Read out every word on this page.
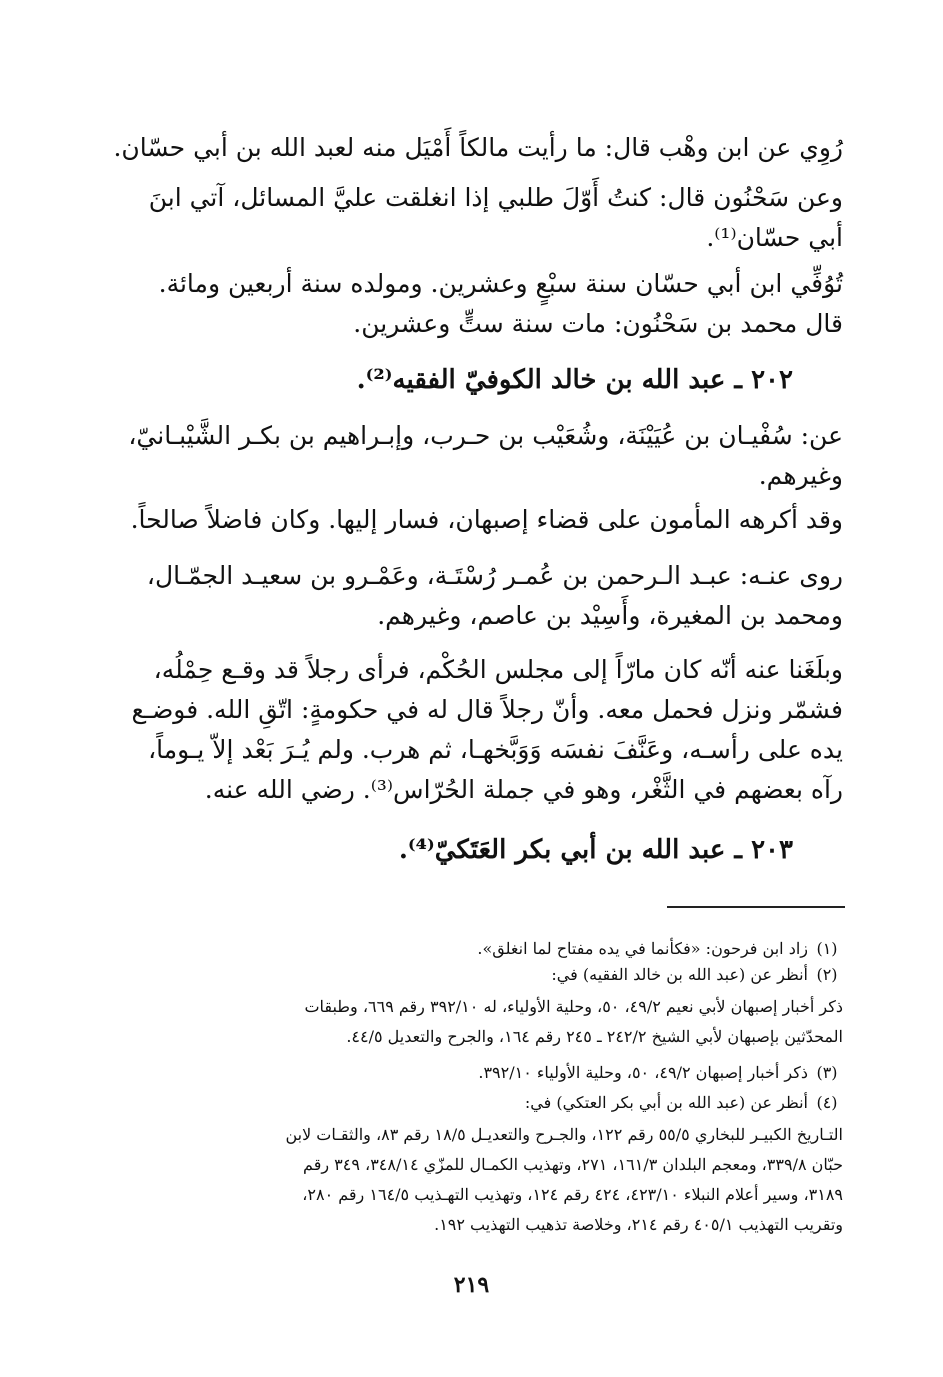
رُوِي عن ابن وهْب قال: ما رأيت مالكاً أَمْيَل منه لعبد الله بن أبي حسّان.

وعن سَحْنُون قال: كنتُ أَوّلَ طلبي إذا انغلقت عليَّ المسائل، آتي ابنَ أبي حسّان⁽¹⁾.

تُوُفِّي ابن أبي حسّان سنة سبْعٍ وعشرين. ومولده سنة أربعين ومائة.

قال محمد بن سَحْنُون: مات سنة ستٍّ وعشرين.

٢٠٢ ـ عبد الله بن خالد الكوفيّ الفقيه⁽²⁾.

عن: سُفْيـان بن عُيَيْنَة، وشُعَيْب بن حـرب، وإبـراهيم بن بكـر الشَّيْبـانيّ، وغيرهم.

وقد أكرهه المأمون على قضاء إصبهان، فسار إليها. وكان فاضلاً صالحاً.

روى عنـه: عبـد الـرحمن بن عُمـر رُسْتَـة، وعَمْـرو بن سعيـد الجمّـال، ومحمد بن المغيرة، وأَسِيْد بن عاصم، وغيرهم.

وبلَغَنا عنه أنّه كان مارّاً إلى مجلس الحُكْم، فرأى رجلاً قد وقـع حِمْلُه، فشمّر ونزل فحمل معه. وأنّ رجلاً قال له في حكومةٍ: اتّقِ الله. فوضـع يده على رأسـه، وعَنَّفَ نفسَه وَوَبَّخهـا، ثم هرب. ولم يُـرَ بَعْد إلاّ يـوماً، رآه بعضهم في الثَّغْر، وهو في جملة الحُرّاس⁽³⁾. رضي الله عنه.

٢٠٣ ـ عبد الله بن أبي بكر العَتَكيّ⁽⁴⁾.
(١)
زاد ابن فرحون: «فكأنما في يده مفتاح لما انغلق».
(٢)
أنظر عن (عبد الله بن خالد الفقيه) في:
ذكر أخبار إصبهان لأبي نعيم ٤٩/٢، ٥٠، وحلية الأولياء، له ٣٩٢/١٠ رقم ٦٦٩، وطبقات
المحدّثين بإصبهان لأبي الشيخ ٢٤٢/٢ ـ ٢٤٥ رقم ١٦٤، والجرح والتعديل ٤٤/٥.
(٣)
ذكر أخبار إصبهان ٤٩/٢، ٥٠، وحلية الأولياء ٣٩٢/١٠.
(٤)
أنظر عن (عبد الله بن أبي بكر العتكي) في:
التـاريخ الكبيـر للبخاري ٥٥/٥ رقم ١٢٢، والجـرح والتعديـل ١٨/٥ رقم ٨٣، والثقـات لابن
حبّان ٣٣٩/٨، ومعجم البلدان ١٦١/٣، ٢٧١، وتهذيب الكمـال للمزّي ٣٤٨/١٤، ٣٤٩ رقم
٣١٨٩، وسير أعلام النبلاء ٤٢٣/١٠، ٤٢٤ رقم ١٢٤، وتهذيب التهـذيب ١٦٤/٥ رقم ٢٨٠،
وتقريب التهذيب ٤٠٥/١ رقم ٢١٤، وخلاصة تذهيب التهذيب ١٩٢.
٢١٩
